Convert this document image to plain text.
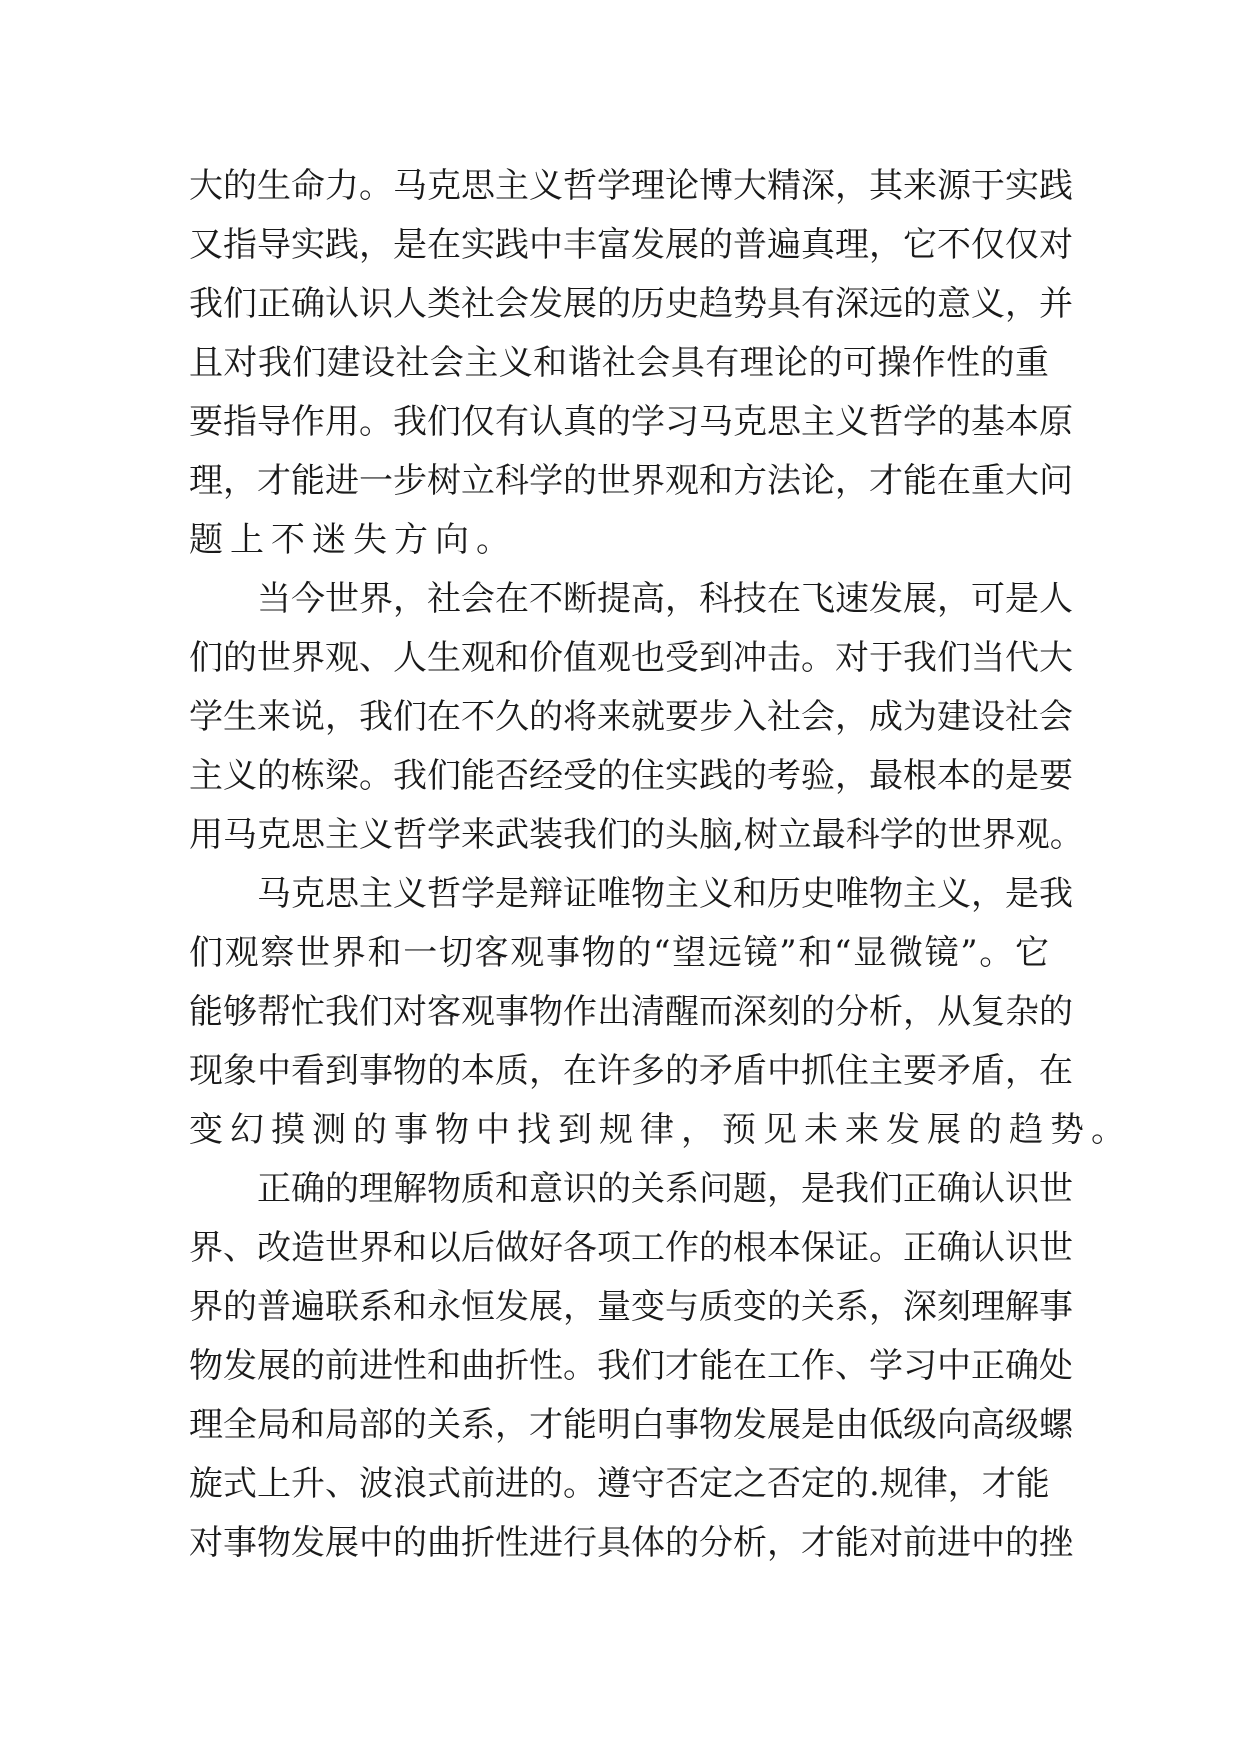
大的生命力。马克思主义哲学理论博大精深，其来源于实践
又指导实践，是在实践中丰富发展的普遍真理，它不仅仅对
我们正确认识人类社会发展的历史趋势具有深远的意义，并
且对我们建设社会主义和谐社会具有理论的可操作性的重
要指导作用。我们仅有认真的学习马克思主义哲学的基本原
理，才能进一步树立科学的世界观和方法论，才能在重大问
题上不迷失方向。
当今世界，社会在不断提高，科技在飞速发展，可是人
们的世界观、人生观和价值观也受到冲击。对于我们当代大
学生来说，我们在不久的将来就要步入社会，成为建设社会
主义的栋梁。我们能否经受的住实践的考验，最根本的是要
用马克思主义哲学来武装我们的头脑,树立最科学的世界观。
马克思主义哲学是辩证唯物主义和历史唯物主义，是我
们观察世界和一切客观事物的“望远镜”和“显微镜”。它
能够帮忙我们对客观事物作出清醒而深刻的分析，从复杂的
现象中看到事物的本质，在许多的矛盾中抓住主要矛盾，在
变幻摸测的事物中找到规律，预见未来发展的趋势。
正确的理解物质和意识的关系问题，是我们正确认识世
界、改造世界和以后做好各项工作的根本保证。正确认识世
界的普遍联系和永恒发展，量变与质变的关系，深刻理解事
物发展的前进性和曲折性。我们才能在工作、学习中正确处
理全局和局部的关系，才能明白事物发展是由低级向高级螺
旋式上升、波浪式前进的。遵守否定之否定的.规律，才能
对事物发展中的曲折性进行具体的分析，才能对前进中的挫
